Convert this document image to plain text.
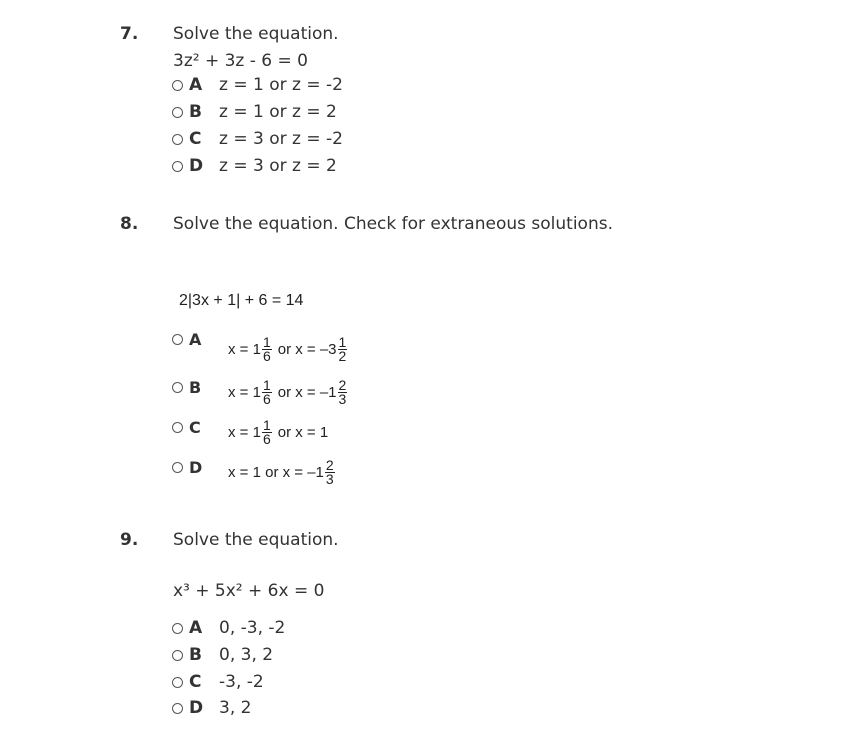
7. Solve the equation.
3z² + 3z - 6 = 0
A z = 1 or z = -2
B	z = 1 or z = 2
C	z = 3 or z = -2
D z = 3 or z = 2
8. Solve the equation. Check for extraneous solutions.
2|3x + 1| + 6 = 14
A
$x = 1 \frac{1}{6}$ or $x = -3 \frac{1}{2}$
B $x = 1 \frac{1}{6}$ or $x = -1 \frac{2}{3}$
C $x = 1 \frac{1}{6}$ or x = 1
D x = 1 or $x = -1 \frac{2}{3}$
9. Solve the equation.
x³ + 5x² + 6x = 0
A 0, -3, -2
B	0, 3, 2
C	-3, -2
D 3, 2
